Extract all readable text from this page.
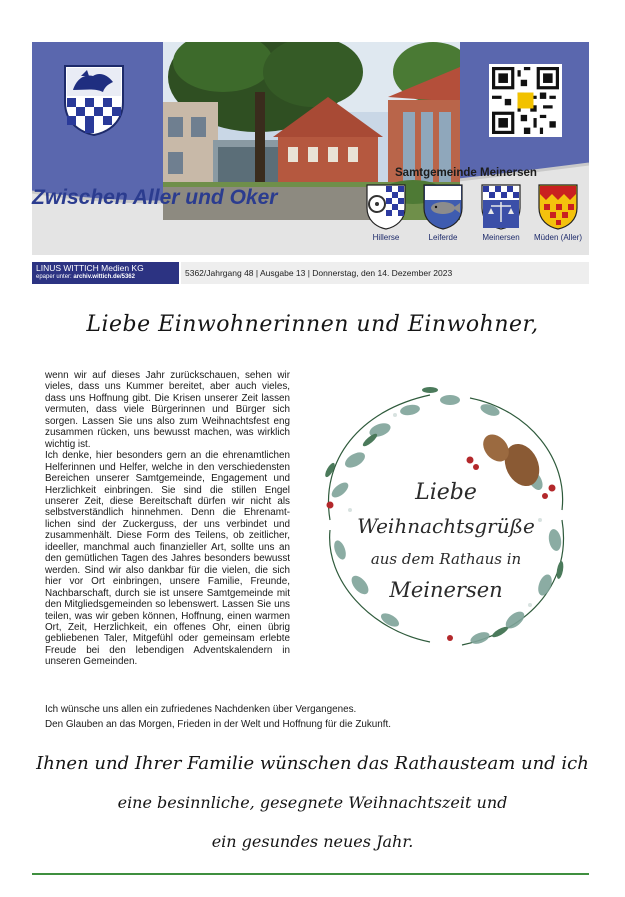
Samtgemeinde Meinersen
Hillerse	Leiferde	Meinersen	Müden (Aller)
Zwischen Aller und Oker
LINUS WITTICH Medien KG
epaper unter: archiv.wittich.de/5362	5362/Jahrgang 48 | Ausgabe 13 | Donnerstag, den 14. Dezember 2023
Liebe Einwohnerinnen und Einwohner,

wenn wir auf dieses Jahr zurückschauen, sehen wir vieles, dass uns Kummer bereitet, aber auch vieles, dass uns Hoffnung gibt. Die Krisen unserer Zeit lassen vermuten, dass viele Bürgerinnen und Bürger sich sorgen. Lassen Sie uns also zum Weihnachtsfest eng zusammen rücken, uns bewusst machen, was wirklich wichtig ist.

Ich denke, hier besonders gern an die ehrenamtlichen Helferinnen und Helfer, welche in den verschiedensten Bereichen unserer Samtgemeinde, Engagement und Herzlichkeit einbringen. Sie sind die stillen Engel unserer Zeit, diese Bereitschaft dürfen wir nicht als selbstverständlich hinnehmen. Denn die Ehrenamtlichen sind der Zuckerguss, der uns verbindet und zusammenhält. Diese Form des Teilens, ob zeitlicher, ideeller, manchmal auch finanzieller Art, sollte uns an den gemütlichen Tagen des Jahres besonders bewusst werden. Sind wir also dankbar für die vielen, die sich hier vor Ort einbringen, unsere Familie, Freunde, Nachbarschaft, durch sie ist unsere Samtgemeinde mit den Mitgliedsgemeinden so lebenswert. Lassen Sie uns teilen, was wir geben können, Hoffnung, einen warmen Ort, Zeit, Herzlichkeit, ein offenes Ohr, einen übrig gebliebenen Taler, Mitgefühl oder gemeinsam erlebte Freude bei den lebendigen Adventskalendern in unseren Gemeinden.

Ich wünsche uns allen ein zufriedenes Nachdenken über Vergangenes.
Den Glauben an das Morgen, Frieden in der Welt und Hoffnung für die Zukunft.
Liebe
Weihnachtsgrüße
aus dem Rathaus in
Meinersen
Ihnen und Ihrer Familie wünschen das Rathausteam und ich
eine besinnliche, gesegnete Weihnachtszeit und
ein gesundes neues Jahr.
